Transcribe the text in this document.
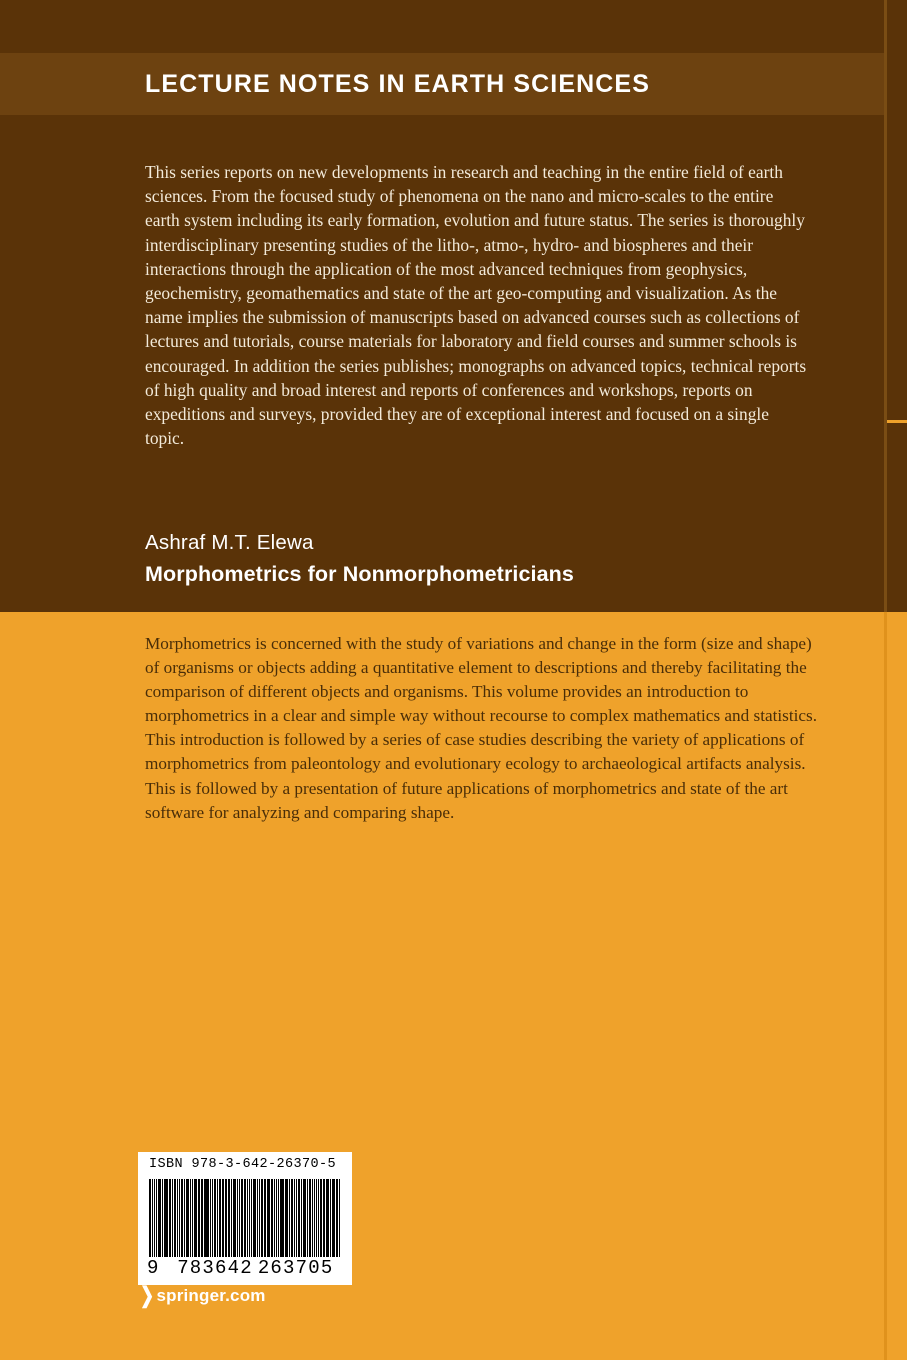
LECTURE NOTES IN EARTH SCIENCES
This series reports on new developments in research and teaching in the entire field of earth sciences. From the focused study of phenomena on the nano and micro-scales to the entire earth system including its early formation, evolution and future status. The series is thoroughly interdisciplinary presenting studies of the litho-, atmo-, hydro- and biospheres and their interactions through the application of the most advanced techniques from geophysics, geochemistry, geomathematics and state of the art geo-computing and visualization. As the name implies the submission of manuscripts based on advanced courses such as collections of lectures and tutorials, course materials for laboratory and field courses and summer schools is encouraged. In addition the series publishes; monographs on advanced topics, technical reports of high quality and broad interest and reports of conferences and workshops, reports on expeditions and surveys, provided they are of exceptional interest and focused on a single topic.
Ashraf M.T. Elewa
Morphometrics for Nonmorphometricians
Morphometrics is concerned with the study of variations and change in the form (size and shape) of organisms or objects adding a quantitative element to descriptions and thereby facilitating the comparison of different objects and organisms. This volume provides an introduction to morphometrics in a clear and simple way without recourse to complex mathematics and statistics. This introduction is followed by a series of case studies describing the variety of applications of morphometrics from paleontology and evolutionary ecology to archaeological artifacts analysis. This is followed by a presentation of future applications of morphometrics and state of the art software for analyzing and comparing shape.
ISBN 978-3-642-26370-5
9  783642 263705
❯ springer.com
